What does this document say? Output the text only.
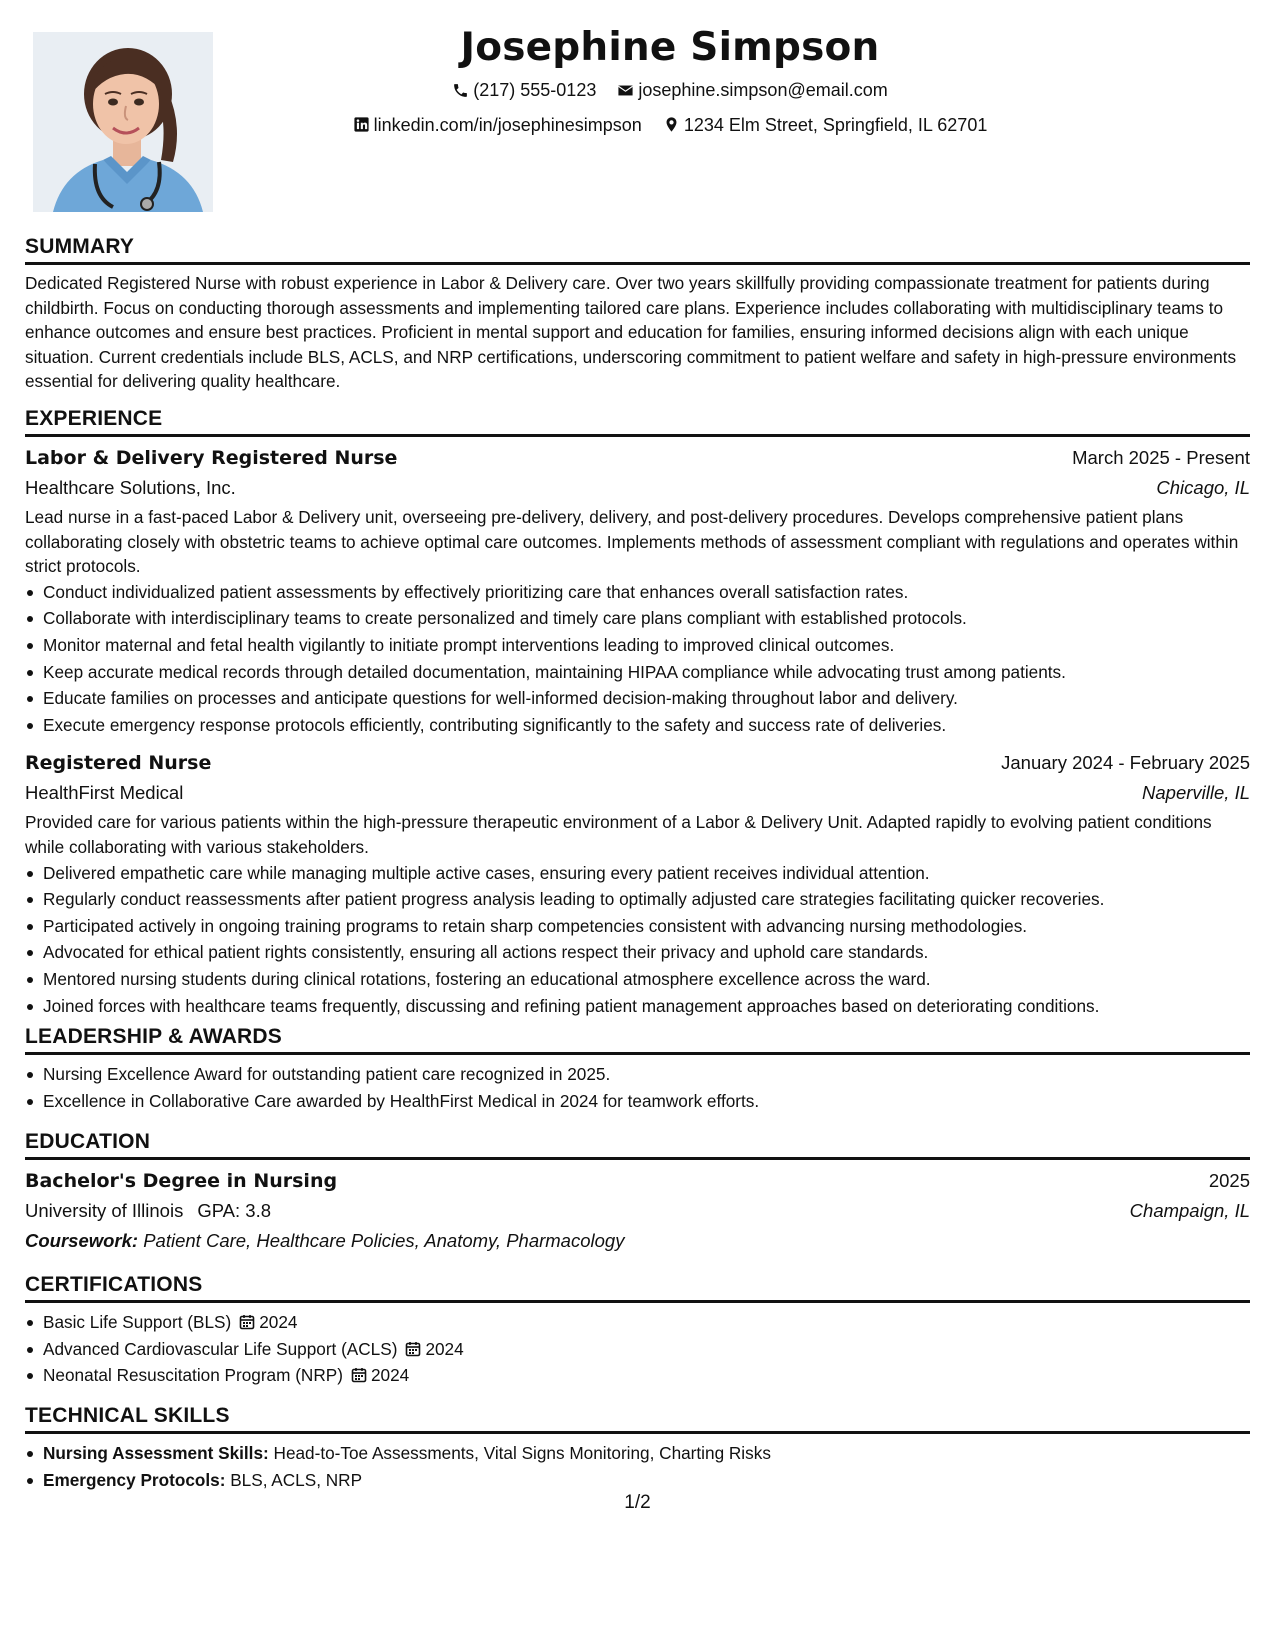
Josephine Simpson
(217) 555-0123
josephine.simpson@email.com
linkedin.com/in/josephinesimpson
1234 Elm Street, Springfield, IL 62701
SUMMARY

Dedicated Registered Nurse with robust experience in Labor & Delivery care. Over two years skillfully providing compassionate treatment for patients during childbirth. Focus on conducting thorough assessments and implementing tailored care plans. Experience includes collaborating with multidisciplinary teams to enhance outcomes and ensure best practices. Proficient in mental support and education for families, ensuring informed decisions align with each unique situation. Current credentials include BLS, ACLS, and NRP certifications, underscoring commitment to patient welfare and safety in high-pressure environments essential for delivering quality healthcare.

EXPERIENCE
Labor & Delivery Registered Nurse	March 2025 - Present
Healthcare Solutions, Inc.	Chicago, IL

Lead nurse in a fast-paced Labor & Delivery unit, overseeing pre-delivery, delivery, and post-delivery procedures. Develops comprehensive patient plans collaborating closely with obstetric teams to achieve optimal care outcomes. Implements methods of assessment compliant with regulations and operates within strict protocols.

Conduct individualized patient assessments by effectively prioritizing care that enhances overall satisfaction rates.
Collaborate with interdisciplinary teams to create personalized and timely care plans compliant with established protocols.
Monitor maternal and fetal health vigilantly to initiate prompt interventions leading to improved clinical outcomes.
Keep accurate medical records through detailed documentation, maintaining HIPAA compliance while advocating trust among patients.
Educate families on processes and anticipate questions for well-informed decision-making throughout labor and delivery.
Execute emergency response protocols efficiently, contributing significantly to the safety and success rate of deliveries.
Registered Nurse	January 2024 - February 2025
HealthFirst Medical	Naperville, IL

Provided care for various patients within the high-pressure therapeutic environment of a Labor & Delivery Unit. Adapted rapidly to evolving patient conditions while collaborating with various stakeholders.

Delivered empathetic care while managing multiple active cases, ensuring every patient receives individual attention.
Regularly conduct reassessments after patient progress analysis leading to optimally adjusted care strategies facilitating quicker recoveries.
Participated actively in ongoing training programs to retain sharp competencies consistent with advancing nursing methodologies.
Advocated for ethical patient rights consistently, ensuring all actions respect their privacy and uphold care standards.
Mentored nursing students during clinical rotations, fostering an educational atmosphere excellence across the ward.
Joined forces with healthcare teams frequently, discussing and refining patient management approaches based on deteriorating conditions.
LEADERSHIP & AWARDS
Nursing Excellence Award for outstanding patient care recognized in 2025.
Excellence in Collaborative Care awarded by HealthFirst Medical in 2024 for teamwork efforts.
EDUCATION
Bachelor's Degree in Nursing	2025
University of Illinois GPA: 3.8	Champaign, IL
Coursework: Patient Care, Healthcare Policies, Anatomy, Pharmacology
CERTIFICATIONS
Basic Life Support (BLS) 2024
Advanced Cardiovascular Life Support (ACLS) 2024
Neonatal Resuscitation Program (NRP) 2024
TECHNICAL SKILLS
Nursing Assessment Skills: Head-to-Toe Assessments, Vital Signs Monitoring, Charting Risks
Emergency Protocols: BLS, ACLS, NRP
1/2
